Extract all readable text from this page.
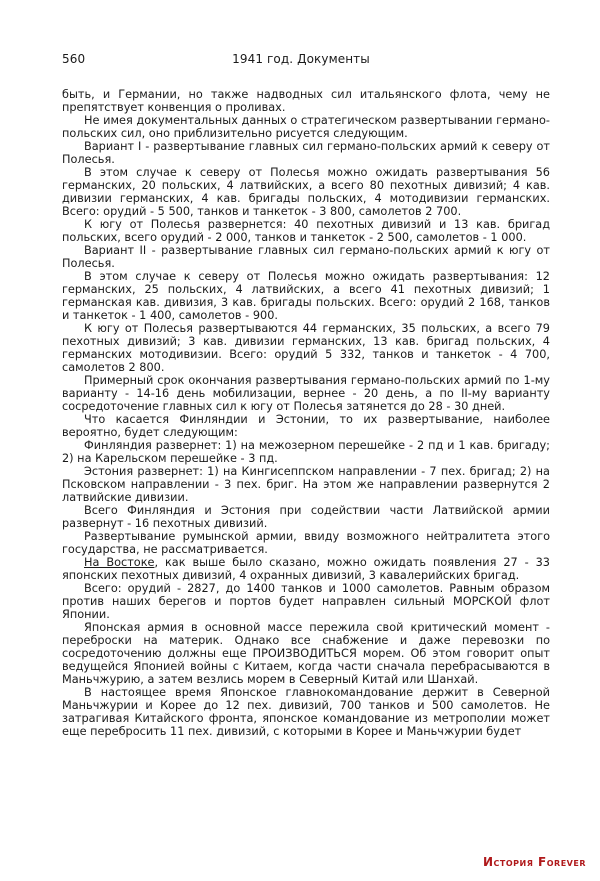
560	1941 год. Документы

быть, и Германии, но также надводных сил итальянского флота, чему не препятствует конвенция о проливах.

Не имея документальных данных о стратегическом развертывании германо-польских сил, оно приблизительно рисуется следующим.

Вариант I - развертывание главных сил германо-польских армий к северу от Полесья.

В этом случае к северу от Полесья можно ожидать развертывания 56 германских, 20 польских, 4 латвийских, а всего 80 пехотных дивизий; 4 кав. дивизии германских, 4 кав. бригады польских, 4 мотодивизии германских. Всего: орудий - 5 500, танков и танкеток - 3 800, самолетов 2 700.

К югу от Полесья развернется: 40 пехотных дивизий и 13 кав. бригад польских, всего орудий - 2 000, танков и танкеток - 2 500, самолетов - 1 000.

Вариант II - развертывание главных сил германо-польских армий к югу от Полесья.

В этом случае к северу от Полесья можно ожидать развертывания: 12 германских, 25 польских, 4 латвийских, а всего 41 пехотных дивизий; 1 германская кав. дивизия, 3 кав. бригады польских. Всего: орудий 2 168, танков и танкеток - 1 400, самолетов - 900.

К югу от Полесья развертываются 44 германских, 35 польских, а всего 79 пехотных дивизий; 3 кав. дивизии германских, 13 кав. бригад польских, 4 германских мотодивизии. Всего: орудий 5 332, танков и танкеток - 4 700, самолетов 2 800.

Примерный срок окончания развертывания германо-польских армий по 1-му варианту - 14-16 день мобилизации, вернее - 20 день, а по II-му варианту сосредоточение главных сил к югу от Полесья затянется до 28 - 30 дней.

Что касается Финляндии и Эстонии, то их развертывание, наиболее вероятно, будет следующим:

Финляндия развернет: 1) на межозерном перешейке - 2 пд и 1 кав. бригаду; 2) на Карельском перешейке - 3 пд.

Эстония развернет: 1) на Кингисеппском направлении - 7 пех. бригад; 2) на Псковском направлении - 3 пех. бриг. На этом же направлении развернутся 2 латвийские дивизии.

Всего Финляндия и Эстония при содействии части Латвийской армии развернут - 16 пехотных дивизий.

Развертывание румынской армии, ввиду возможного нейтралитета этого государства, не рассматривается.

На Востоке, как выше было сказано, можно ожидать появления 27 - 33 японских пехотных дивизий, 4 охранных дивизий, 3 кавалерийских бригад.

Всего: орудий - 2827, до 1400 танков и 1000 самолетов. Равным образом против наших берегов и портов будет направлен сильный МОРСКОЙ флот Японии.

Японская армия в основной массе пережила свой критический момент - переброски на материк. Однако все снабжение и даже перевозки по сосредоточению должны еще ПРОИЗВОДИТЬСЯ морем. Об этом говорит опыт ведущейся Японией войны с Китаем, когда части сначала перебрасываются в Маньчжурию, а затем везлись морем в Северный Китай или Шанхай.

В настоящее время Японское главнокомандование держит в Северной Маньчжурии и Корее до 12 пех. дивизий, 700 танков и 500 самолетов. Не затрагивая Китайского фронта, японское командование из метрополии может еще перебросить 11 пех. дивизий, с которыми в Корее и Маньчжурии будет

История Forever
